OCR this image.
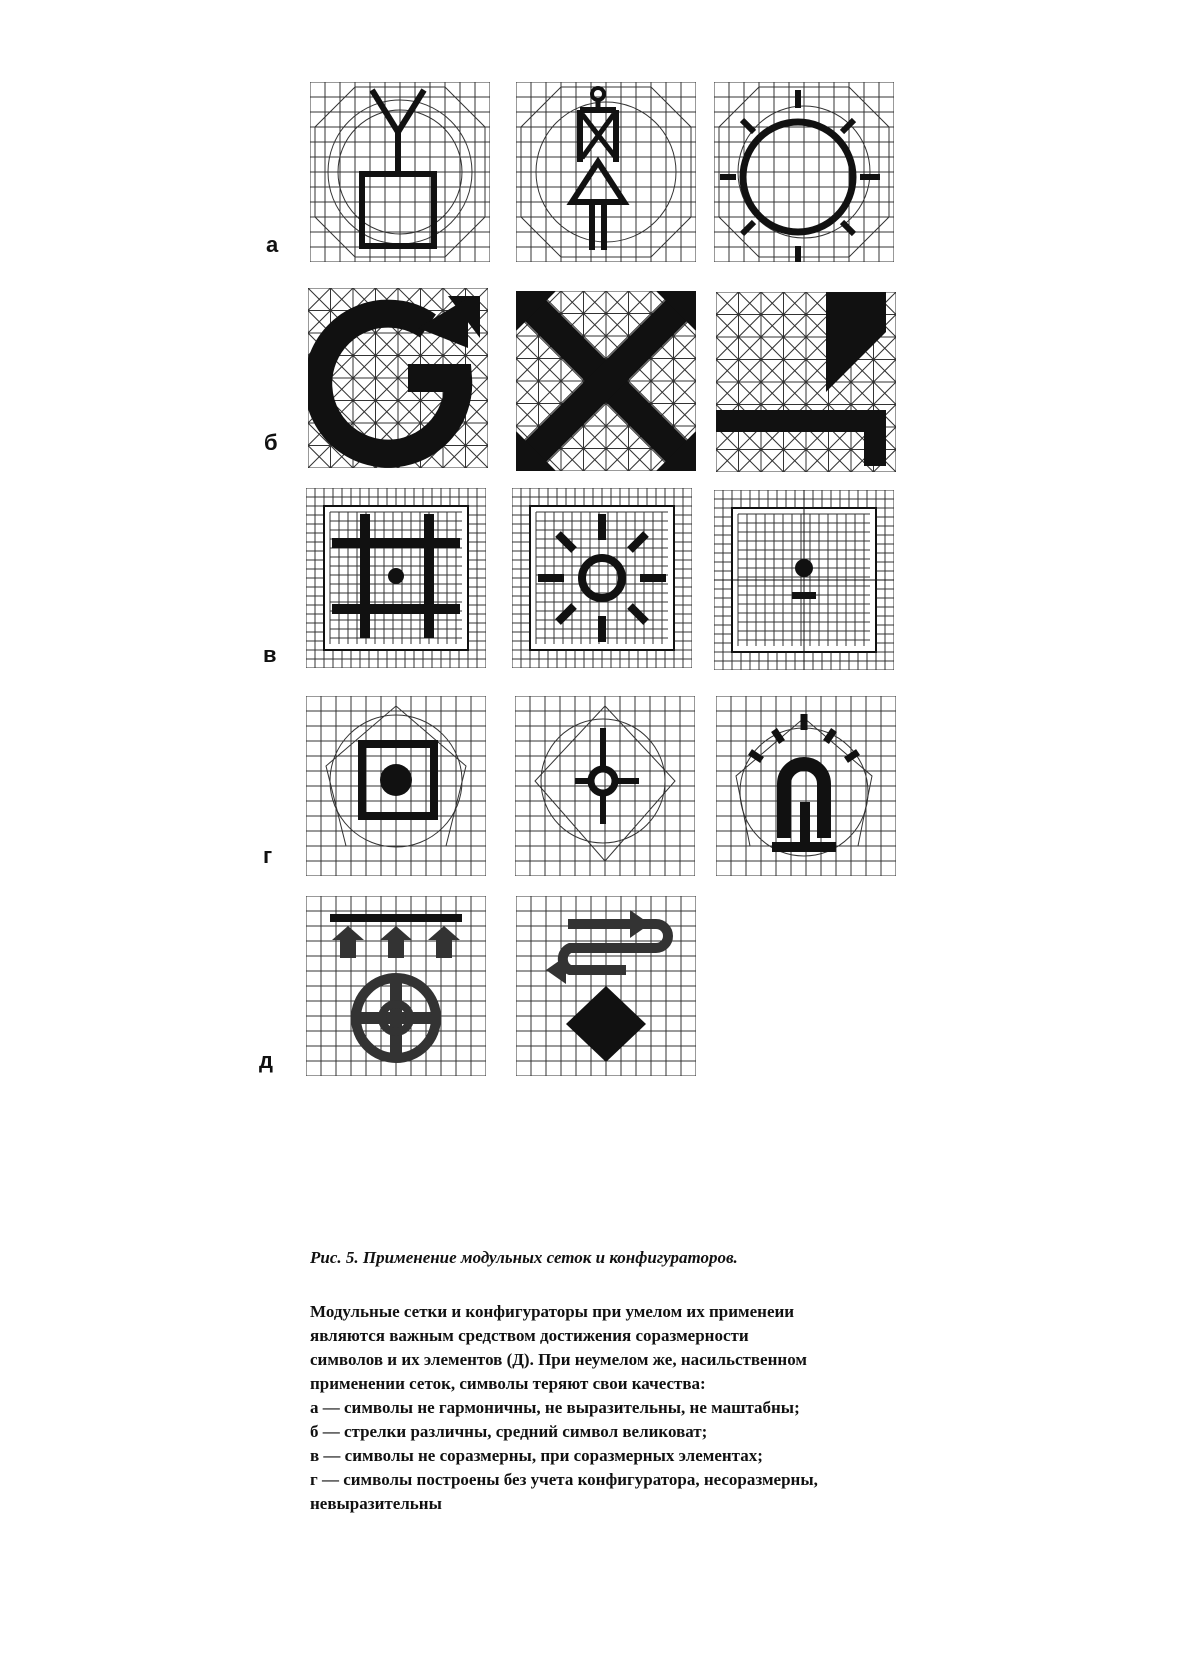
а
б
в
г
д
Рис. 5. Применение модульных сеток и конфигураторов.

Модульные сетки и конфигураторы при умелом их применеии

являются важным средством достижения соразмерности

символов и их элементов (Д). При неумелом же, насильственном

применении сеток, символы теряют свои качества:

а — символы не гармоничны, не выразительны, не маштабны;

б — стрелки различны, средний символ великоват;

в — символы не соразмерны, при соразмерных элементах;

г — символы построены без учета конфигуратора, несоразмерны,

невыразительны
